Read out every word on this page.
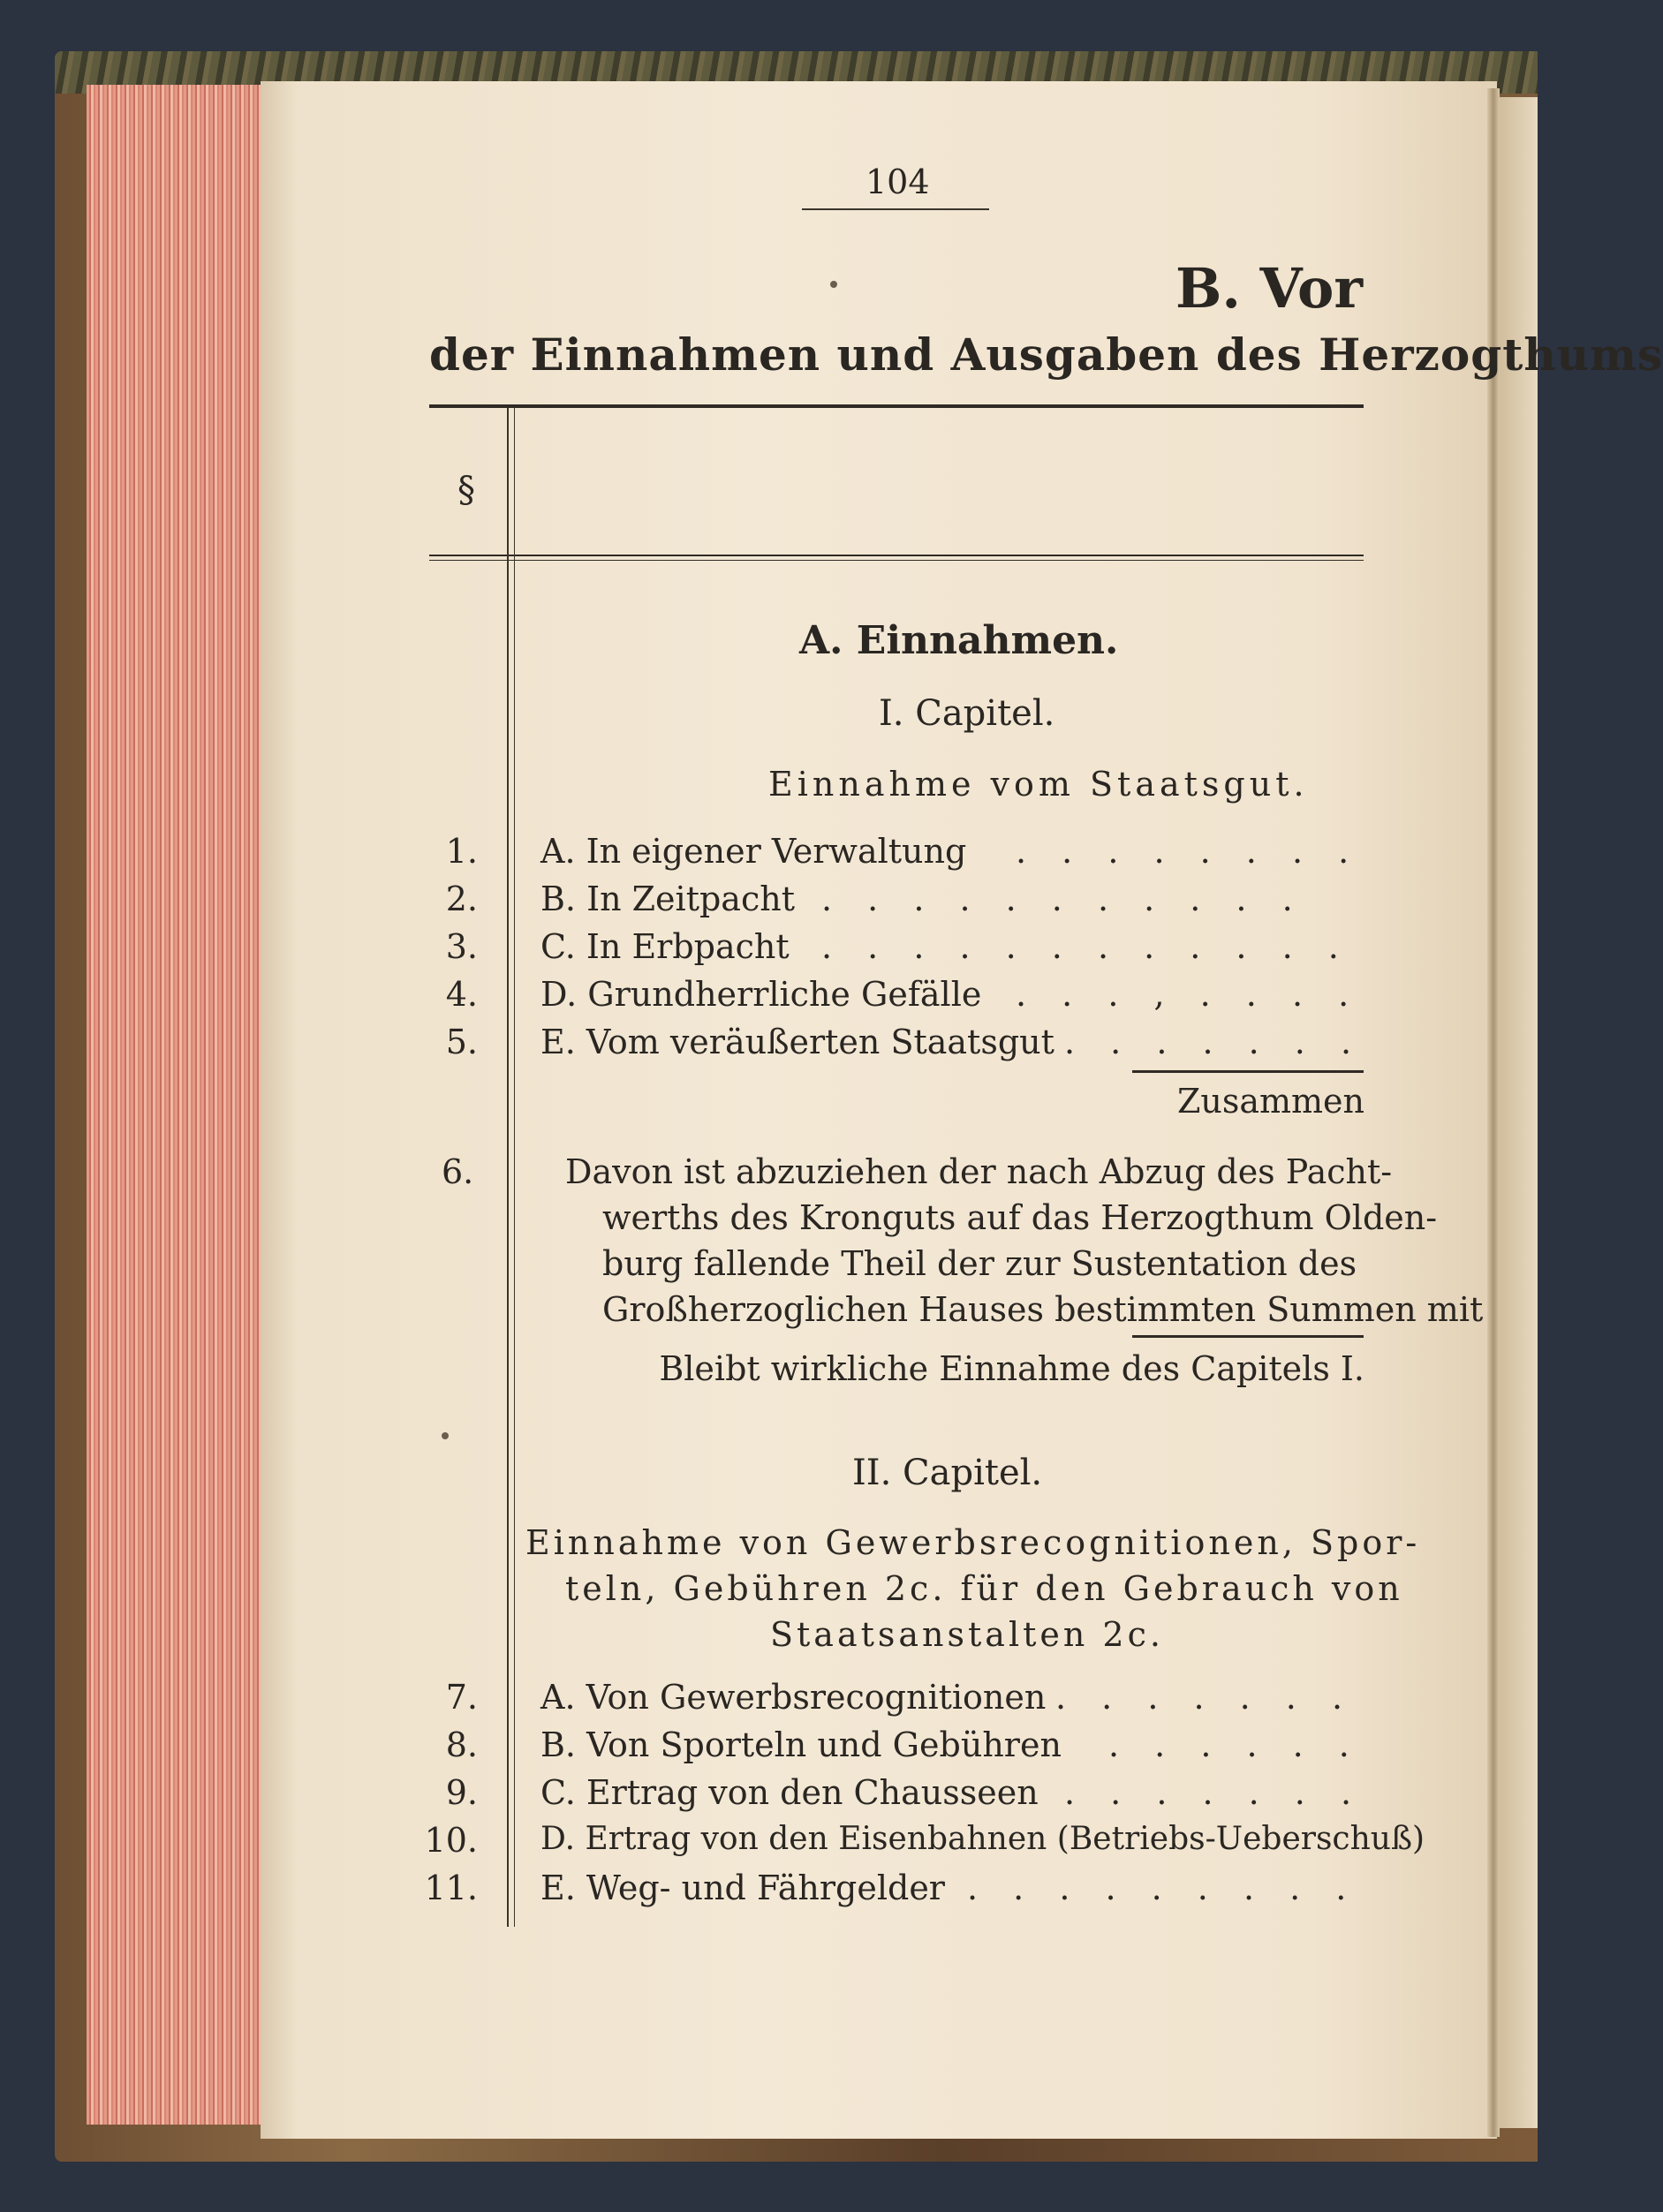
104
B. Vor
der Einnahmen und Ausgaben des Herzogthums
§
A. Einnahmen.
I. Capitel.
Einnahme vom Staatsgut.
1. A. In eigener Verwaltung . . . . . . . .
2. B. In Zeitpacht . . . . . . . . . . .
3. C. In Erbpacht . . . . . . . . . . . .
4. D. Grundherrliche Gefälle . . . , . . . .
5. E. Vom veräußerten Staatsgut . . . . . . .
Zusammen
6.	Davon ist abzuziehen der nach Abzug des Pacht-
werths des Kronguts auf das Herzogthum Olden-
burg fallende Theil der zur Sustentation des
Großherzoglichen Hauses bestimmten Summen mit
Bleibt wirkliche Einnahme des Capitels I.
II. Capitel.
Einnahme von Gewerbsrecognitionen, Spor-
teln, Gebühren 2c. für den Gebrauch von
Staatsanstalten 2c.
7. A. Von Gewerbsrecognitionen . . . . . . .
8. B. Von Sporteln und Gebühren . . . . . .
9. C. Ertrag von den Chausseen . . . . . . .
10. D. Ertrag von den Eisenbahnen (Betriebs-Ueberschuß)
11. E. Weg- und Fährgelder . . . . . . . . .
